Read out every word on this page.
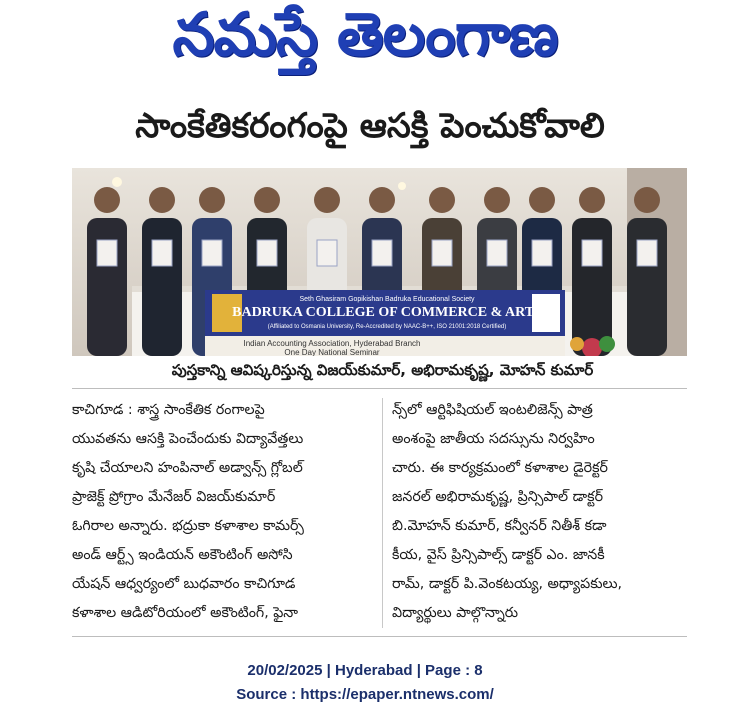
నమస్తే తెలంగాణ
సాంకేతికరంగంపై ఆసక్తి పెంచుకోవాలి
Seth Ghasiram Gopikishan Badruka Educational Society
BADRUKA COLLEGE OF COMMERCE & ARTS
(Affiliated to Osmania University, Re-Accredited by NAAC-B++, ISO 21001:2018 Certified)
Indian Accounting Association, Hyderabad Branch
One Day National Seminar
పుస్తకాన్ని ఆవిష్కరిస్తున్న విజయ్‌కుమార్, అభిరామకృష్ణ, మోహన్ కుమార్
కాచిగూడ : శాస్త్ర సాంకేతిక రంగాలపై
యువతను ఆసక్తి పెంచేందుకు విద్యావేత్తలు
కృషి చేయాలని హంపినాల్ అడ్వాన్స్ గ్లోబల్
ప్రాజెక్ట్ ప్రోగ్రాం మేనేజర్ విజయ్‌కుమార్
ఓగిరాల అన్నారు. భద్రుకా కళాశాల కామర్స్
అండ్ ఆర్ట్స్ ఇండియన్ అకౌంటింగ్ అసోసి
యేషన్ ఆధ్వర్యంలో బుధవారం కాచిగూడ
కళాశాల ఆడిటోరియంలో అకౌంటింగ్, ఫైనా
న్స్‌లో ఆర్టిఫిషియల్ ఇంటలిజెన్స్ పాత్ర
అంశంపై జాతీయ సదస్సును నిర్వహిం
చారు. ఈ కార్యక్రమంలో కళాశాల డైరెక్టర్
జనరల్ అభిరామకృష్ణ, ప్రిన్సిపాల్ డాక్టర్
బి.మోహన్ కుమార్, కన్వీనర్ నితీశ్ కడా
కీయ, వైస్ ప్రిన్సిపాల్స్ డాక్టర్ ఎం. జానకీ
రామ్, డాక్టర్ పి.వెంకటయ్య, అధ్యాపకులు,
విద్యార్థులు పాల్గొన్నారు
20/02/2025 | Hyderabad | Page : 8
Source : https://epaper.ntnews.com/
